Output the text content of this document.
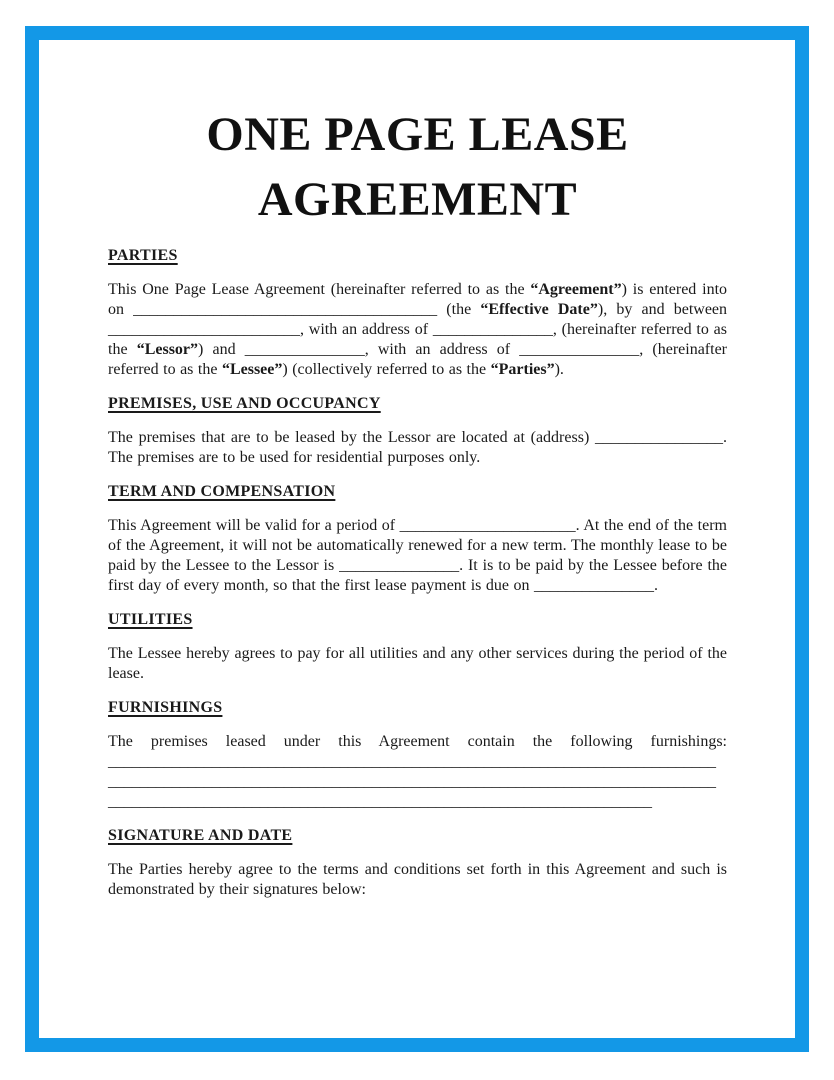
ONE PAGE LEASE
AGREEMENT
PARTIES

This One Page Lease Agreement (hereinafter referred to as the “Agreement”) is entered into on ______________________________________ (the “Effective Date”), by and between ________________________, with an address of _______________, (hereinafter referred to as the “Lessor”) and _______________, with an address of _______________, (hereinafter referred to as the “Lessee”) (collectively referred to as the “Parties”).

PREMISES, USE AND OCCUPANCY

The premises that are to be leased by the Lessor are located at (address) ________________. The premises are to be used for residential purposes only.

TERM AND COMPENSATION

This Agreement will be valid for a period of ______________________. At the end of the term of the Agreement, it will not be automatically renewed for a new term. The monthly lease to be paid by the Lessee to the Lessor is _______________. It is to be paid by the Lessee before the first day of every month, so that the first lease payment is due on _______________.

UTILITIES

The Lessee hereby agrees to pay for all utilities and any other services during the period of the lease.

FURNISHINGS

The premises leased under this Agreement contain the following furnishings: ____________________________________________________________________________ ____________________________________________________________________________ ____________________________________________________________________

SIGNATURE AND DATE

The Parties hereby agree to the terms and conditions set forth in this Agreement and such is demonstrated by their signatures below:
